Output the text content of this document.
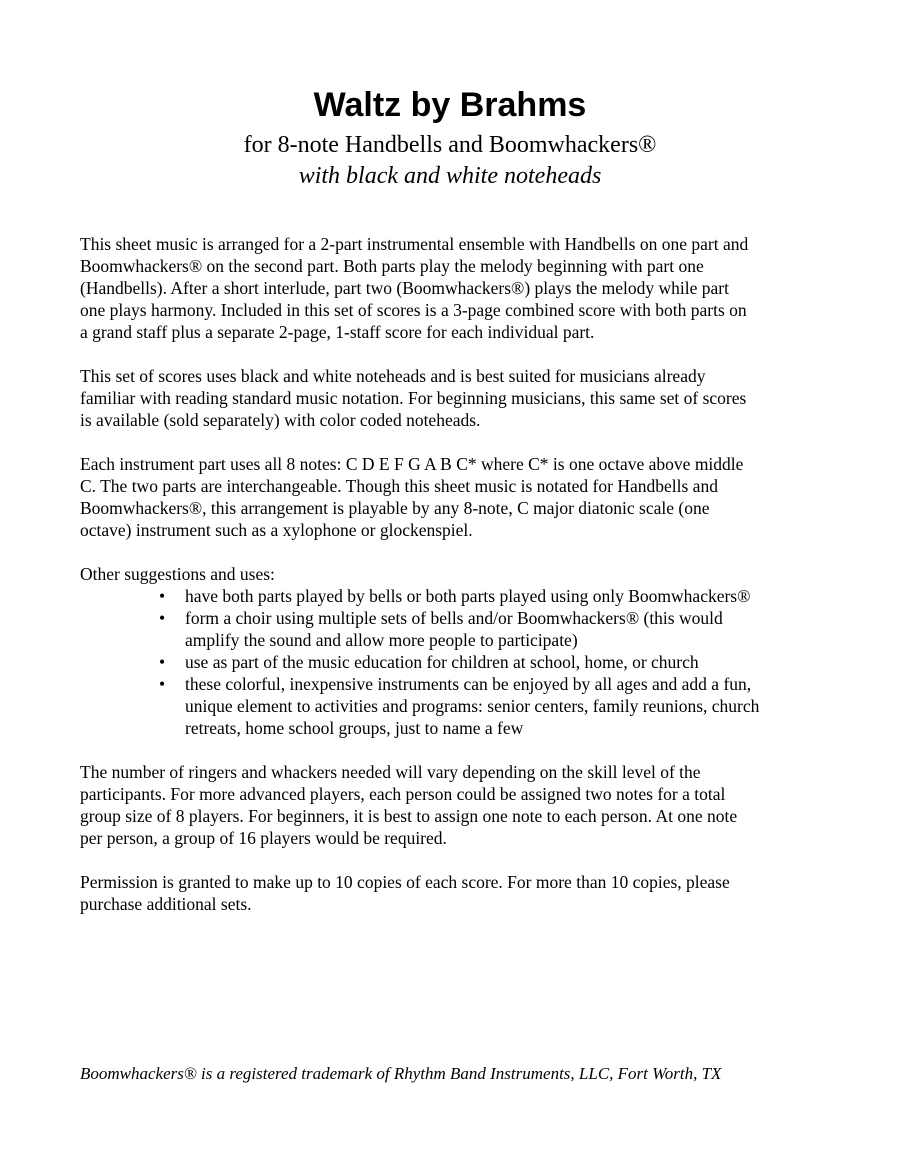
Waltz by Brahms
for 8-note Handbells and Boomwhackers®
with black and white noteheads

This sheet music is arranged for a 2-part instrumental ensemble with Handbells on one part and
Boomwhackers® on the second part. Both parts play the melody beginning with part one
(Handbells). After a short interlude, part two (Boomwhackers®) plays the melody while part
one plays harmony. Included in this set of scores is a 3-page combined score with both parts on
a grand staff plus a separate 2-page, 1-staff score for each individual part.

This set of scores uses black and white noteheads and is best suited for musicians already
familiar with reading standard music notation. For beginning musicians, this same set of scores
is available (sold separately) with color coded noteheads.

Each instrument part uses all 8 notes: C D E F G A B C* where C* is one octave above middle
C. The two parts are interchangeable. Though this sheet music is notated for Handbells and
Boomwhackers®, this arrangement is playable by any 8-note, C major diatonic scale (one
octave) instrument such as a xylophone or glockenspiel.

Other suggestions and uses:

• have both parts played by bells or both parts played using only Boomwhackers®
• form a choir using multiple sets of bells and/or Boomwhackers® (this would
amplify the sound and allow more people to participate)
• use as part of the music education for children at school, home, or church
• these colorful, inexpensive instruments can be enjoyed by all ages and add a fun,
unique element to activities and programs: senior centers, family reunions, church
retreats, home school groups, just to name a few

The number of ringers and whackers needed will vary depending on the skill level of the
participants. For more advanced players, each person could be assigned two notes for a total
group size of 8 players. For beginners, it is best to assign one note to each person. At one note
per person, a group of 16 players would be required.

Permission is granted to make up to 10 copies of each score. For more than 10 copies, please
purchase additional sets.

Boomwhackers® is a registered trademark of Rhythm Band Instruments, LLC, Fort Worth, TX
